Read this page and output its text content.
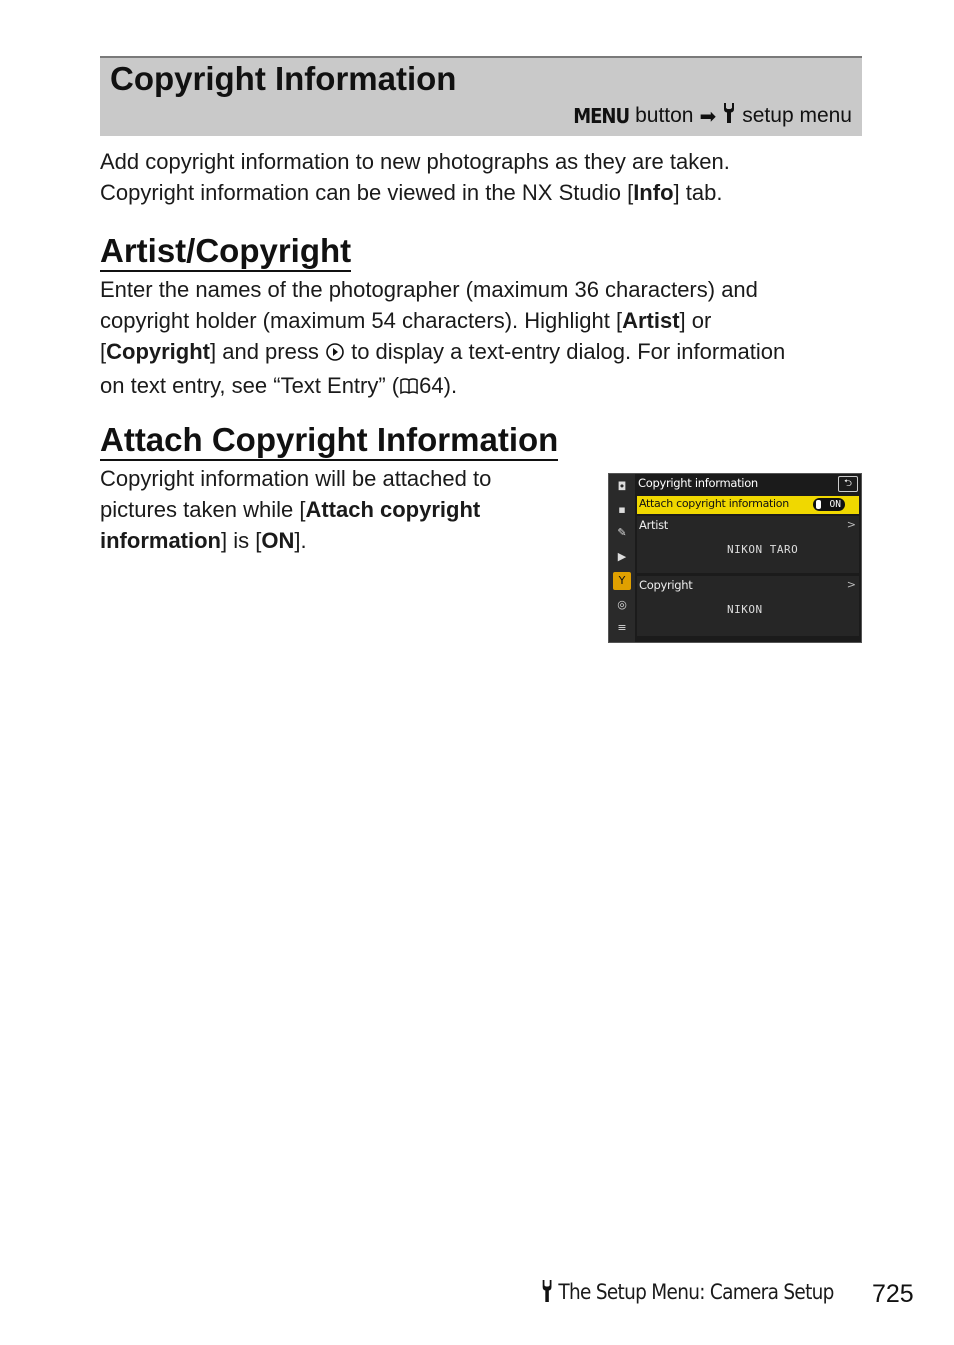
Copyright Information
MENU button ➡ setup menu

Add copyright information to new photographs as they are taken.
Copyright information can be viewed in the NX Studio [Info] tab.

Artist/Copyright

Enter the names of the photographer (maximum 36 characters) and
copyright holder (maximum 54 characters). Highlight [Artist] or
[Copyright] and press  to display a text-entry dialog. For information
on text entry, see “Text Entry” ( 64).

Attach Copyright Information

Copyright information will be attached to
pictures taken while [Attach copyright
information] is [ON].

◘
▪
✎
▶
Y
◎
≡
Copyright information	⮌
Attach copyright information	ON
Artist	>
NIKON TARO
Copyright	>
NIKON
The Setup Menu: Camera Setup 725
